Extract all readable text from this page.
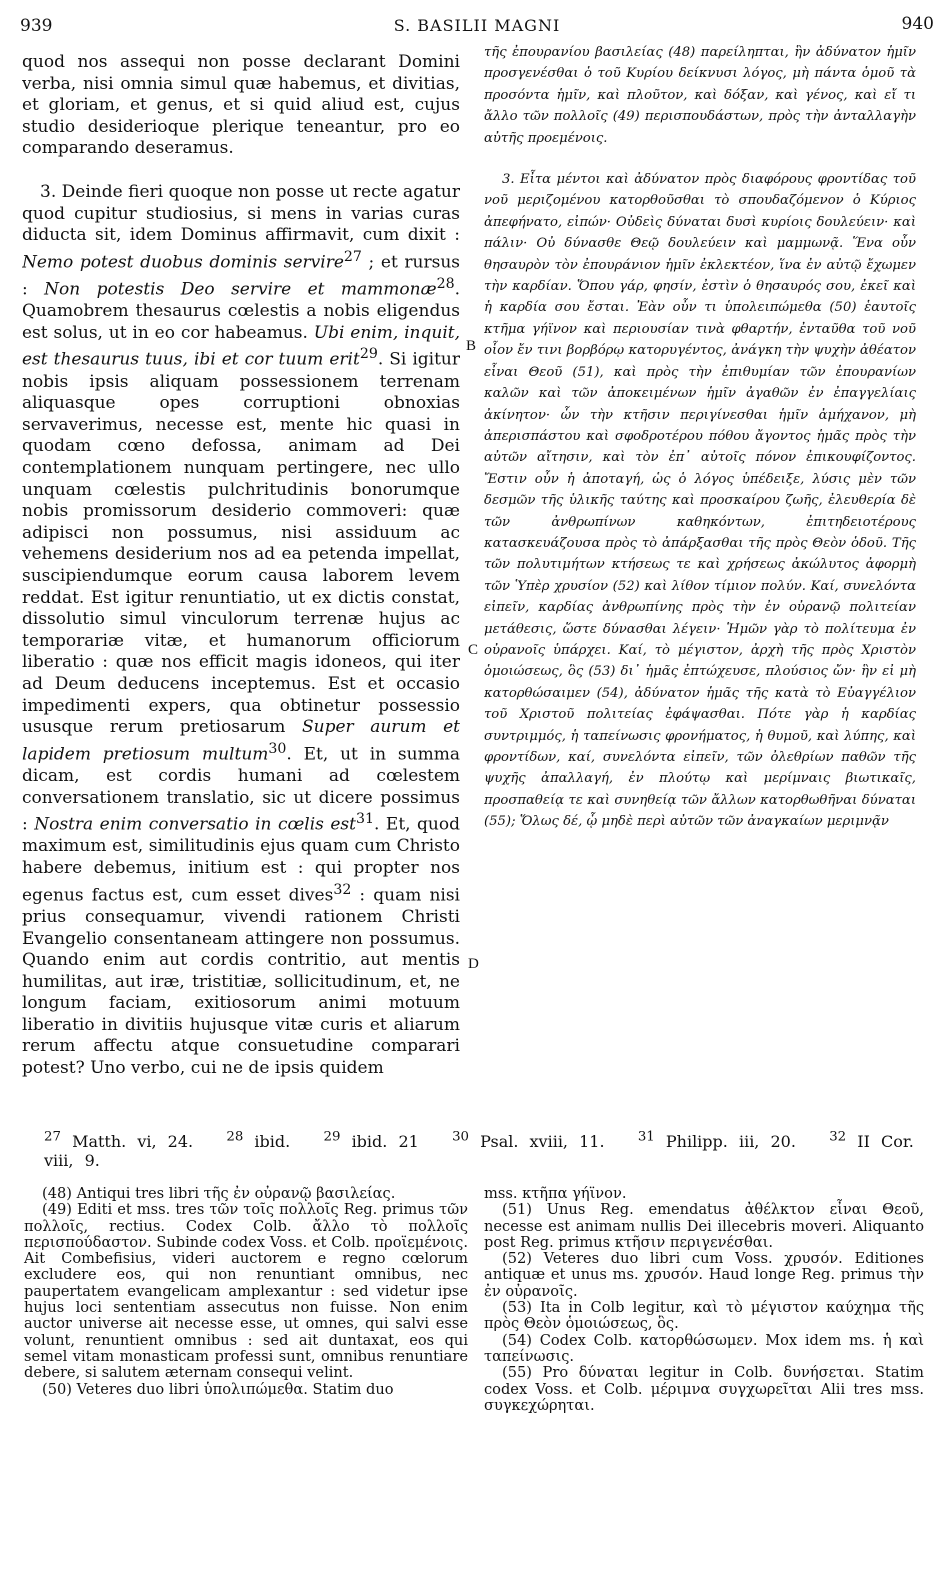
939	S. BASILII MAGNI	940

quod nos assequi non posse declarant Domini verba, nisi omnia simul quæ habemus, et divitias, et gloriam, et genus, et si quid aliud est, cujus studio desiderioque plerique teneantur, pro eo comparando deseramus.

3. Deinde fieri quoque non posse ut recte agatur quod cupitur studiosius, si mens in varias curas diducta sit, idem Dominus affirmavit, cum dixit : Nemo potest duobus dominis servire$^{27}$ ; et rursus : Non potestis Deo servire et mammonæ$^{28}$. Quamobrem thesaurus cœlestis a nobis eligendus est solus, ut in eo cor habeamus. Ubi enim, inquit, est thesaurus tuus, ibi et cor tuum erit$^{29}$. Si igitur nobis ipsis aliquam possessionem terrenam aliquasque opes corruptioni obnoxias servaverimus, necesse est, mente hic quasi in quodam cœno defossa, animam ad Dei contemplationem nunquam pertingere, nec ullo unquam cœlestis pulchritudinis bonorumque nobis promissorum desiderio commoveri: quæ adipisci non possumus, nisi assiduum ac vehemens desiderium nos ad ea petenda impellat, suscipiendumque eorum causa laborem levem reddat. Est igitur renuntiatio, ut ex dictis constat, dissolutio simul vinculorum terrenæ hujus ac temporariæ vitæ, et humanorum officiorum liberatio : quæ nos efficit magis idoneos, qui iter ad Deum deducens inceptemus. Est et occasio impedimenti expers, qua obtinetur possessio ususque rerum pretiosarum Super aurum et lapidem pretiosum multum$^{30}$. Et, ut in summa dicam, est cordis humani ad cœlestem conversationem translatio, sic ut dicere possimus : Nostra enim conversatio in cœlis est$^{31}$. Et, quod maximum est, similitudinis ejus quam cum Christo habere debemus, initium est : qui propter nos egenus factus est, cum esset dives$^{32}$ : quam nisi prius consequamur, vivendi rationem Christi Evangelio consentaneam attingere non possumus. Quando enim aut cordis contritio, aut mentis humilitas, aut iræ, tristitiæ, sollicitudinum, et, ne longum faciam, exitiosorum animi motuum liberatio in divitiis hujusque vitæ curis et aliarum rerum affectu atque consuetudine comparari potest? Uno verbo, cui ne de ipsis quidem

B
C
D

τῆς ἐπουρανίου βασιλείας (48) παρείληπται, ἣν ἀδύνατον ἡμῖν προσγενέσθαι ὁ τοῦ Κυρίου δείκνυσι λόγος, μὴ πάντα ὁμοῦ τὰ προσόντα ἡμῖν, καὶ πλοῦτον, καὶ δόξαν, καὶ γένος, καὶ εἴ τι ἄλλο τῶν πολλοῖς (49) περισπουδάστων, πρὸς τὴν ἀνταλλαγὴν αὐτῆς προεμένοις.

3. Εἶτα μέντοι καὶ ἀδύνατον πρὸς διαφόρους φροντίδας τοῦ νοῦ μεριζομένου κατορθοῦσθαι τὸ σπουδαζόμενον ὁ Κύριος ἀπεφήνατο, εἰπών· Οὐδεὶς δύναται δυσὶ κυρίοις δουλεύειν· καὶ πάλιν· Οὐ δύνασθε Θεῷ δουλεύειν καὶ μαμμωνᾷ. Ἕνα οὖν θησαυρὸν τὸν ἐπουράνιον ἡμῖν ἐκλεκτέον, ἵνα ἐν αὐτῷ ἔχωμεν τὴν καρδίαν. Ὅπου γάρ, φησίν, ἐστὶν ὁ θησαυρός σου, ἐκεῖ καὶ ἡ καρδία σου ἔσται. Ἐὰν οὖν τι ὑπολειπώμεθα (50) ἑαυτοῖς κτῆμα γήϊνον καὶ περιουσίαν τινὰ φθαρτήν, ἐνταῦθα τοῦ νοῦ οἷον ἔν τινι βορβόρῳ κατορυγέντος, ἀνάγκη τὴν ψυχὴν ἀθέατον εἶναι Θεοῦ (51), καὶ πρὸς τὴν ἐπιθυμίαν τῶν ἐπουρανίων καλῶν καὶ τῶν ἀποκειμένων ἡμῖν ἀγαθῶν ἐν ἐπαγγελίαις ἀκίνητον· ὧν τὴν κτῆσιν περιγίνεσθαι ἡμῖν ἀμήχανον, μὴ ἀπερισπάστου καὶ σφοδροτέρου πόθου ἄγοντος ἡμᾶς πρὸς τὴν αὐτῶν αἴτησιν, καὶ τὸν ἐπ᾽ αὐτοῖς πόνον ἐπικουφίζοντος. Ἔστιν οὖν ἡ ἀποταγή, ὡς ὁ λόγος ὑπέδειξε, λύσις μὲν τῶν δεσμῶν τῆς ὑλικῆς ταύτης καὶ προσκαίρου ζωῆς, ἐλευθερία δὲ τῶν ἀνθρωπίνων καθηκόντων, ἐπιτηδειοτέρους κατασκευάζουσα πρὸς τὸ ἀπάρξασθαι τῆς πρὸς Θεὸν ὁδοῦ. Τῆς τῶν πολυτιμήτων κτήσεως τε καὶ χρήσεως ἀκώλυτος ἀφορμὴ τῶν Ὑπὲρ χρυσίον (52) καὶ λίθον τίμιον πολύν. Καί, συνελόντα εἰπεῖν, καρδίας ἀνθρωπίνης πρὸς τὴν ἐν οὐρανῷ πολιτείαν μετάθεσις, ὥστε δύνασθαι λέγειν· Ἡμῶν γὰρ τὸ πολίτευμα ἐν οὐρανοῖς ὑπάρχει. Καί, τὸ μέγιστον, ἀρχὴ τῆς πρὸς Χριστὸν ὁμοιώσεως, ὃς (53) δι᾽ ἡμᾶς ἐπτώχευσε, πλούσιος ὤν· ἣν εἰ μὴ κατορθώσαιμεν (54), ἀδύνατον ἡμᾶς τῆς κατὰ τὸ Εὐαγγέλιον τοῦ Χριστοῦ πολιτείας ἐφάψασθαι. Πότε γὰρ ἡ καρδίας συντριμμός, ἡ ταπείνωσις φρονήματος, ἡ θυμοῦ, καὶ λύπης, καὶ φροντίδων, καί, συνελόντα εἰπεῖν, τῶν ὀλεθρίων παθῶν τῆς ψυχῆς ἀπαλλαγή, ἐν πλούτῳ καὶ μερίμναις βιωτικαῖς, προσπαθείᾳ τε καὶ συνηθείᾳ τῶν ἄλλων κατορθωθῆναι δύναται (55); Ὅλως δέ, ᾧ μηδὲ περὶ αὐτῶν τῶν ἀναγκαίων μεριμνᾷν

$^{27}$ Matth. vi, 24. $^{28}$ ibid. $^{29}$ ibid. 21 $^{30}$ Psal. xviii, 11. $^{31}$ Philipp. iii, 20. $^{32}$ II Cor. viii, 9.

(48) Antiqui tres libri τῆς ἐν οὐρανῷ βασιλείας.

(49) Editi et mss. tres τῶν τοῖς πολλοῖς Reg. primus τῶν πολλοῖς, rectius. Codex Colb. ἄλλο τὸ πολλοῖς περισπούδαστον. Subinde codex Voss. et Colb. προϊεμένοις. Ait Combefisius, videri auctorem e regno cœlorum excludere eos, qui non renuntiant omnibus, nec paupertatem evangelicam amplexantur : sed videtur ipse hujus loci sententiam assecutus non fuisse. Non enim auctor universe ait necesse esse, ut omnes, qui salvi esse volunt, renuntient omnibus : sed ait duntaxat, eos qui semel vitam monasticam professi sunt, omnibus renuntiare debere, si salutem æternam consequi velint.

(50) Veteres duo libri ὑπολιπώμεθα. Statim duo

mss. κτῆπα γήϊνον.

(51) Unus Reg. emendatus ἀθέλκτον εἶναι Θεοῦ, necesse est animam nullis Dei illecebris moveri. Aliquanto post Reg. primus κτῆσιν περιγενέσθαι.

(52) Veteres duo libri cum Voss. χρυσόν. Editiones antiquæ et unus ms. χρυσόν. Haud longe Reg. primus τὴν ἐν οὐρανοῖς.

(53) Ita in Colb legitur, καὶ τὸ μέγιστον καύχημα τῆς πρὸς Θεὸν ὁμοιώσεως, ὃς.

(54) Codex Colb. κατορθώσωμεν. Mox idem ms. ἡ καὶ ταπείνωσις.

(55) Pro δύναται legitur in Colb. δυνήσεται. Statim codex Voss. et Colb. μέριμνα συγχωρεῖται Alii tres mss. συγκεχώρηται.
